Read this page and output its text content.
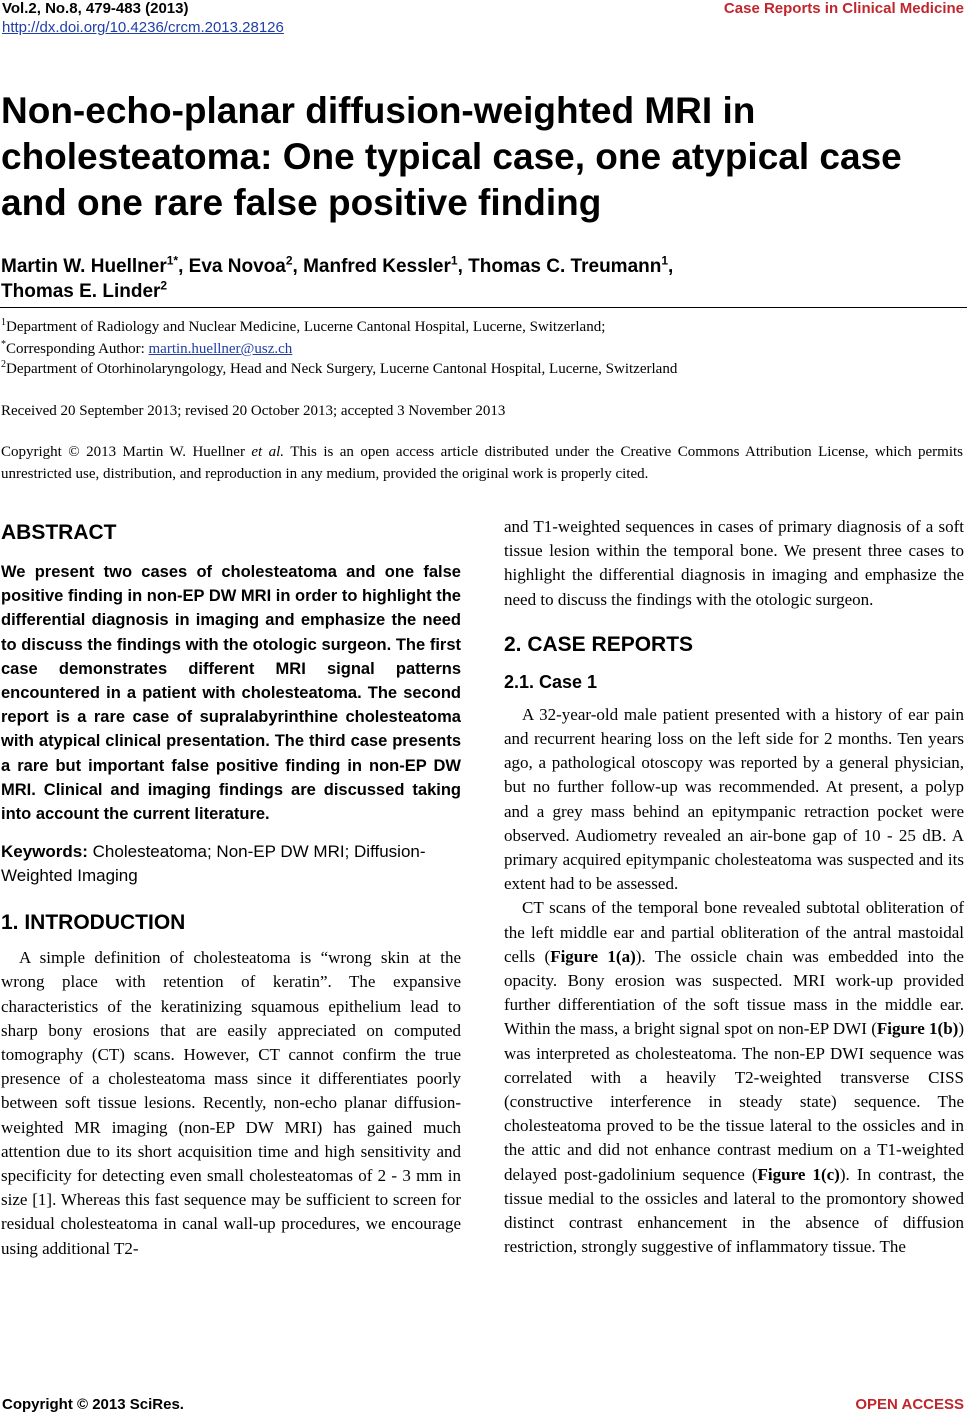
Vol.2, No.8, 479-483 (2013)
http://dx.doi.org/10.4236/crcm.2013.28126
Case Reports in Clinical Medicine
Non-echo-planar diffusion-weighted MRI in cholesteatoma: One typical case, one atypical case and one rare false positive finding
Martin W. Huellner$^{1*}$, Eva Novoa$^2$, Manfred Kessler$^1$, Thomas C. Treumann$^1$,
Thomas E. Linder$^2$
$^1$Department of Radiology and Nuclear Medicine, Lucerne Cantonal Hospital, Lucerne, Switzerland;
*Corresponding Author: martin.huellner@usz.ch
$^2$Department of Otorhinolaryngology, Head and Neck Surgery, Lucerne Cantonal Hospital, Lucerne, Switzerland
Received 20 September 2013; revised 20 October 2013; accepted 3 November 2013
Copyright © 2013 Martin W. Huellner et al. This is an open access article distributed under the Creative Commons Attribution License, which permits unrestricted use, distribution, and reproduction in any medium, provided the original work is properly cited.
ABSTRACT

We present two cases of cholesteatoma and one false positive finding in non-EP DW MRI in order to highlight the differential diagnosis in imaging and emphasize the need to discuss the findings with the otologic surgeon. The first case demonstrates different MRI signal patterns encountered in a patient with cholesteatoma. The second report is a rare case of supralabyrinthine cholesteatoma with atypical clinical presentation. The third case presents a rare but important false positive finding in non-EP DW MRI. Clinical and imaging findings are discussed taking into account the current literature.

Keywords: Cholesteatoma; Non-EP DW MRI; Diffusion-Weighted Imaging

1. INTRODUCTION

A simple definition of cholesteatoma is “wrong skin at the wrong place with retention of keratin”. The expansive characteristics of the keratinizing squamous epithelium lead to sharp bony erosions that are easily appreciated on computed tomography (CT) scans. However, CT cannot confirm the true presence of a cholesteatoma mass since it differentiates poorly between soft tissue lesions. Recently, non-echo planar diffusion-weighted MR imaging (non-EP DW MRI) has gained much attention due to its short acquisition time and high sensitivity and specificity for detecting even small cholesteatomas of 2 - 3 mm in size [1]. Whereas this fast sequence may be sufficient to screen for residual cholesteatoma in canal wall-up procedures, we encourage using additional T2-

and T1-weighted sequences in cases of primary diagnosis of a soft tissue lesion within the temporal bone. We present three cases to highlight the differential diagnosis in imaging and emphasize the need to discuss the findings with the otologic surgeon.

2. CASE REPORTS
2.1. Case 1

A 32-year-old male patient presented with a history of ear pain and recurrent hearing loss on the left side for 2 months. Ten years ago, a pathological otoscopy was reported by a general physician, but no further follow-up was recommended. At present, a polyp and a grey mass behind an epitympanic retraction pocket were observed. Audiometry revealed an air-bone gap of 10 - 25 dB. A primary acquired epitympanic cholesteatoma was suspected and its extent had to be assessed.

CT scans of the temporal bone revealed subtotal obliteration of the left middle ear and partial obliteration of the antral mastoidal cells (Figure 1(a)). The ossicle chain was embedded into the opacity. Bony erosion was suspected. MRI work-up provided further differentiation of the soft tissue mass in the middle ear. Within the mass, a bright signal spot on non-EP DWI (Figure 1(b)) was interpreted as cholesteatoma. The non-EP DWI sequence was correlated with a heavily T2-weighted transverse CISS (constructive interference in steady state) sequence. The cholesteatoma proved to be the tissue lateral to the ossicles and in the attic and did not enhance contrast medium on a T1-weighted delayed post-gadolinium sequence (Figure 1(c)). In contrast, the tissue medial to the ossicles and lateral to the promontory showed distinct contrast enhancement in the absence of diffusion restriction, strongly suggestive of inflammatory tissue. The

Copyright © 2013 SciRes.	OPEN ACCESS
